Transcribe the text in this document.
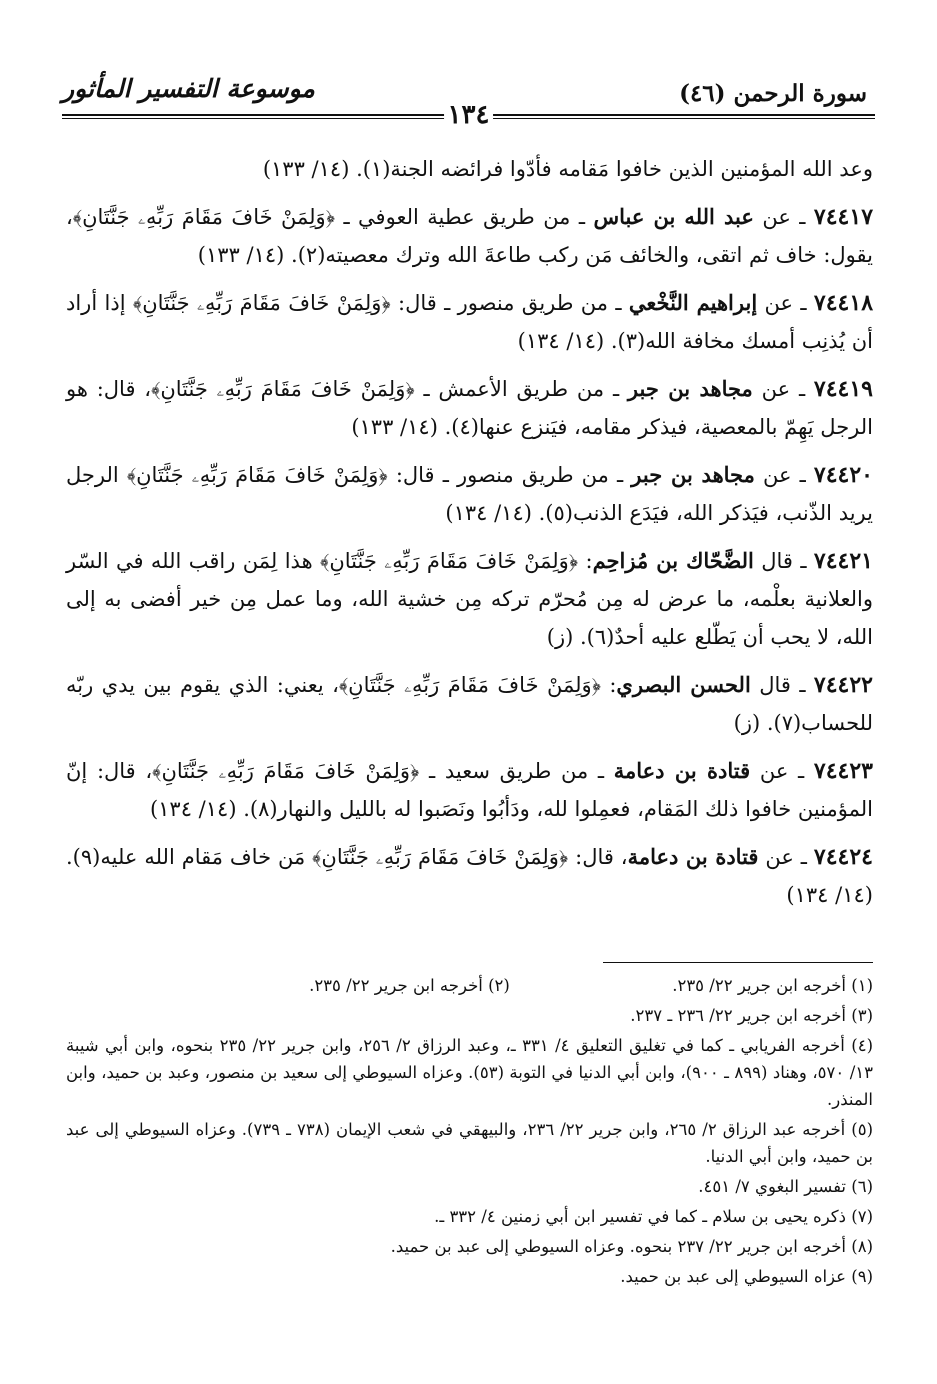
سورة الرحمن (٤٦)
موسوعة التفسير المأثور
١٣٤

وعد الله المؤمنين الذين خافوا مَقامه فأدّوا فرائضه الجنة(١). (١٤/ ١٣٣)

٧٤٤١٧ ـ عن عبد الله بن عباس ـ من طريق عطية العوفي ـ ﴿وَلِمَنْ خَافَ مَقَامَ رَبِّهِۦ جَنَّتَانِ﴾، يقول: خاف ثم اتقى، والخائف مَن ركب طاعةَ الله وترك معصيته(٢). (١٤/ ١٣٣)

٧٤٤١٨ ـ عن إبراهيم النَّخْعي ـ من طريق منصور ـ قال: ﴿وَلِمَنْ خَافَ مَقَامَ رَبِّهِۦ جَنَّتَانِ﴾ إذا أراد أن يُذنِب أمسك مخافة الله(٣). (١٤/ ١٣٤)

٧٤٤١٩ ـ عن مجاهد بن جبر ـ من طريق الأعمش ـ ﴿وَلِمَنْ خَافَ مَقَامَ رَبِّهِۦ جَنَّتَانِ﴾، قال: هو الرجل يَهِمّ بالمعصية، فيذكر مقامه، فيَنزع عنها(٤). (١٤/ ١٣٣)

٧٤٤٢٠ ـ عن مجاهد بن جبر ـ من طريق منصور ـ قال: ﴿وَلِمَنْ خَافَ مَقَامَ رَبِّهِۦ جَنَّتَانِ﴾ الرجل يريد الذّنب، فيَذكر الله، فيَدَع الذنب(٥). (١٤/ ١٣٤)

٧٤٤٢١ ـ قال الضَّحّاك بن مُزاحِم: ﴿وَلِمَنْ خَافَ مَقَامَ رَبِّهِۦ جَنَّتَانِ﴾ هذا لِمَن راقب الله في السّر والعلانية بعلْمه، ما عرض له مِن مُحرّم تركه مِن خشية الله، وما عمل مِن خير أفضى به إلى الله، لا يحب أن يَطّلع عليه أحدٌ(٦). (ز)

٧٤٤٢٢ ـ قال الحسن البصري: ﴿وَلِمَنْ خَافَ مَقَامَ رَبِّهِۦ جَنَّتَانِ﴾، يعني: الذي يقوم بين يدي ربّه للحساب(٧). (ز)

٧٤٤٢٣ ـ عن قتادة بن دعامة ـ من طريق سعيد ـ ﴿وَلِمَنْ خَافَ مَقَامَ رَبِّهِۦ جَنَّتَانِ﴾، قال: إنّ المؤمنين خافوا ذلك المَقام، فعمِلوا لله، ودَأبُوا ونَصَبوا له بالليل والنهار(٨). (١٤/ ١٣٤)

٧٤٤٢٤ ـ عن قتادة بن دعامة، قال: ﴿وَلِمَنْ خَافَ مَقَامَ رَبِّهِۦ جَنَّتَانِ﴾ مَن خاف مَقام الله عليه(٩). (١٤/ ١٣٤)

(١) أخرجه ابن جرير ٢٢/ ٢٣٥.
(٢) أخرجه ابن جرير ٢٢/ ٢٣٥.

(٣) أخرجه ابن جرير ٢٢/ ٢٣٦ ـ ٢٣٧.

(٤) أخرجه الفريابي ـ كما في تغليق التعليق ٤/ ٣٣١ ـ، وعبد الرزاق ٢/ ٢٥٦، وابن جرير ٢٢/ ٢٣٥ بنحوه، وابن أبي شيبة ١٣/ ٥٧٠، وهناد (٨٩٩ ـ ٩٠٠)، وابن أبي الدنيا في التوبة (٥٣). وعزاه السيوطي إلى سعيد بن منصور، وعبد بن حميد، وابن المنذر.

(٥) أخرجه عبد الرزاق ٢/ ٢٦٥، وابن جرير ٢٢/ ٢٣٦، والبيهقي في شعب الإيمان (٧٣٨ ـ ٧٣٩). وعزاه السيوطي إلى عبد بن حميد، وابن أبي الدنيا.

(٦) تفسير البغوي ٧/ ٤٥١.

(٧) ذكره يحيى بن سلام ـ كما في تفسير ابن أبي زمنين ٤/ ٣٣٢ ـ.

(٨) أخرجه ابن جرير ٢٢/ ٢٣٧ بنحوه. وعزاه السيوطي إلى عبد بن حميد.

(٩) عزاه السيوطي إلى عبد بن حميد.
